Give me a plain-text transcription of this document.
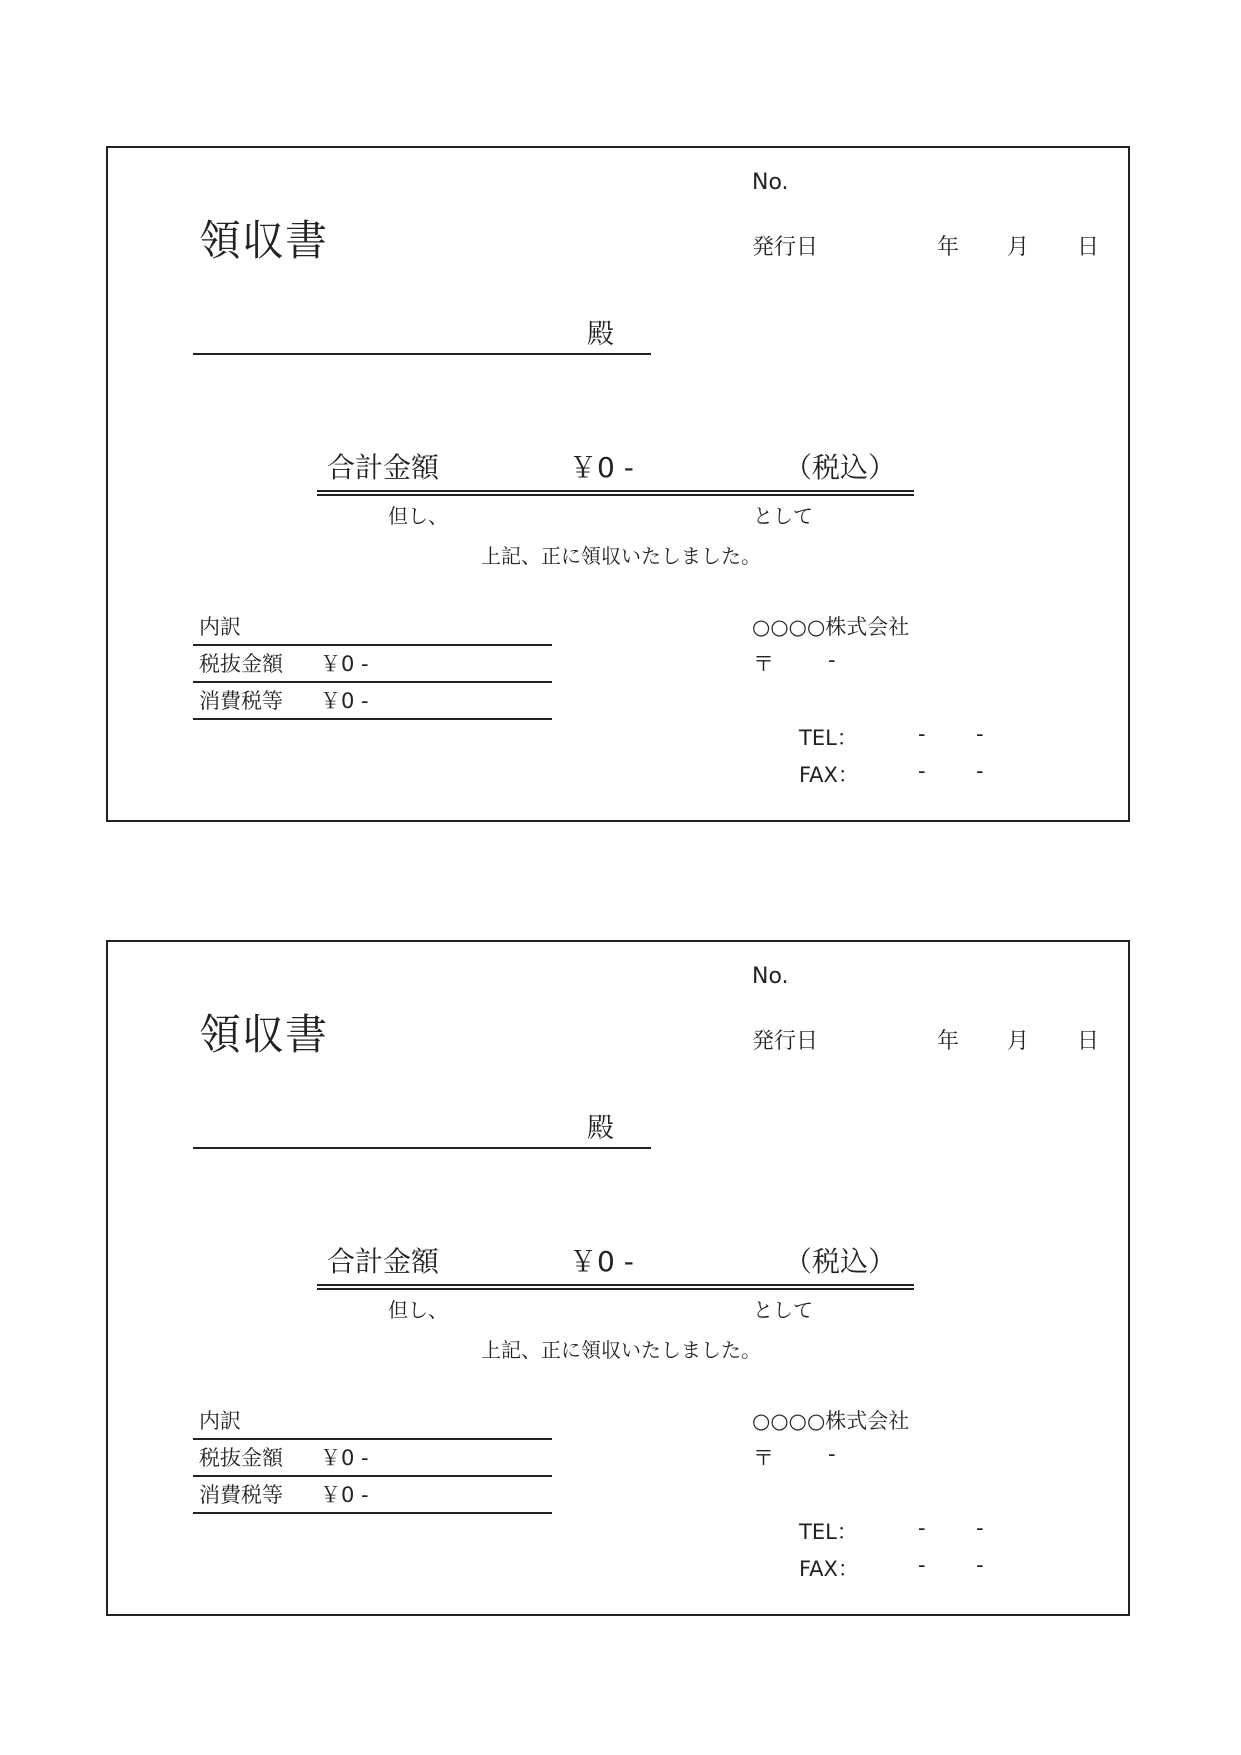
領収書
No.
発行日	年 月 日
殿
合計金額	￥0 -	（税込）
但し、	として
上記、正に領収いたしました。
内訳
税抜金額 ￥0 -
消費税等 ￥0 -
○○○○株式会社
〒	-
TEL：	- -
FAX：	- -
領収書
No.
発行日	年 月 日
殿
合計金額	￥0 -	（税込）
但し、	として
上記、正に領収いたしました。
内訳
税抜金額 ￥0 -
消費税等 ￥0 -
○○○○株式会社
〒	-
TEL：	- -
FAX：	- -
